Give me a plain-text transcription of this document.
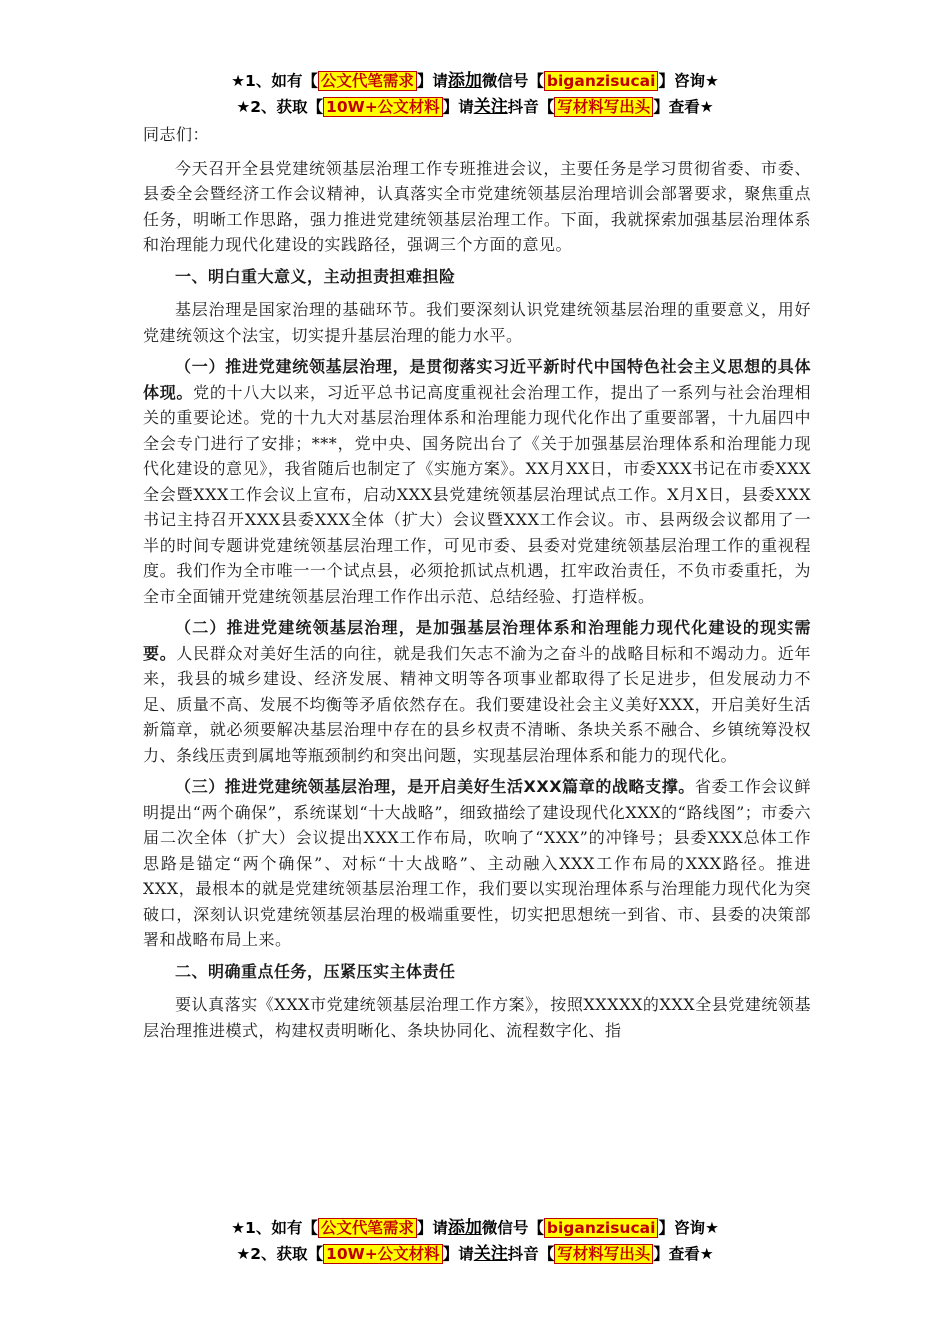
★1、如有【 公文代笔需求 】请添加微信号【 biganzisucai 】咨询★
★2、获取【 10W+公文材料 】请关注抖音【 写材料写出头 】查看★

同志们：

今天召开全县党建统领基层治理工作专班推进会议，主要任务是学习贯彻省委、市委、县委全会暨经济工作会议精神，认真落实全市党建统领基层治理培训会部署要求，聚焦重点任务，明晰工作思路，强力推进党建统领基层治理工作。下面，我就探索加强基层治理体系和治理能力现代化建设的实践路径，强调三个方面的意见。

一、明白重大意义，主动担责担难担险

基层治理是国家治理的基础环节。我们要深刻认识党建统领基层治理的重要意义，用好党建统领这个法宝，切实提升基层治理的能力水平。

（一）推进党建统领基层治理，是贯彻落实习近平新时代中国特色社会主义思想的具体体现。党的十八大以来，习近平总书记高度重视社会治理工作，提出了一系列与社会治理相关的重要论述。党的十九大对基层治理体系和治理能力现代化作出了重要部署，十九届四中全会专门进行了安排；***，党中央、国务院出台了《关于加强基层治理体系和治理能力现代化建设的意见》，我省随后也制定了《实施方案》。XX月XX日，市委XXX书记在市委XXX全会暨XXX工作会议上宣布，启动XXX县党建统领基层治理试点工作。X月X日，县委XXX书记主持召开XXX县委XXX全体（扩大）会议暨XXX工作会议。市、县两级会议都用了一半的时间专题讲党建统领基层治理工作，可见市委、县委对党建统领基层治理工作的重视程度。我们作为全市唯一一个试点县，必须抢抓试点机遇，扛牢政治责任，不负市委重托，为全市全面铺开党建统领基层治理工作作出示范、总结经验、打造样板。

（二）推进党建统领基层治理，是加强基层治理体系和治理能力现代化建设的现实需要。人民群众对美好生活的向往，就是我们矢志不渝为之奋斗的战略目标和不竭动力。近年来，我县的城乡建设、经济发展、精神文明等各项事业都取得了长足进步，但发展动力不足、质量不高、发展不均衡等矛盾依然存在。我们要建设社会主义美好XXX，开启美好生活新篇章，就必须要解决基层治理中存在的县乡权责不清晰、条块关系不融合、乡镇统筹没权力、条线压责到属地等瓶颈制约和突出问题，实现基层治理体系和能力的现代化。

（三）推进党建统领基层治理，是开启美好生活XXX篇章的战略支撑。省委工作会议鲜明提出“两个确保”，系统谋划“十大战略”，细致描绘了建设现代化XXX的“路线图”；市委六届二次全体（扩大）会议提出XXX工作布局，吹响了“XXX”的冲锋号；县委XXX总体工作思路是锚定“两个确保”、对标“十大战略”、主动融入XXX工作布局的XXX路径。推进XXX，最根本的就是党建统领基层治理工作，我们要以实现治理体系与治理能力现代化为突破口，深刻认识党建统领基层治理的极端重要性，切实把思想统一到省、市、县委的决策部署和战略布局上来。

二、明确重点任务，压紧压实主体责任

要认真落实《XXX市党建统领基层治理工作方案》，按照XXXXX的XXX全县党建统领基层治理推进模式，构建权责明晰化、条块协同化、流程数字化、指

★1、如有【 公文代笔需求 】请添加微信号【 biganzisucai 】咨询★
★2、获取【 10W+公文材料 】请关注抖音【 写材料写出头 】查看★
